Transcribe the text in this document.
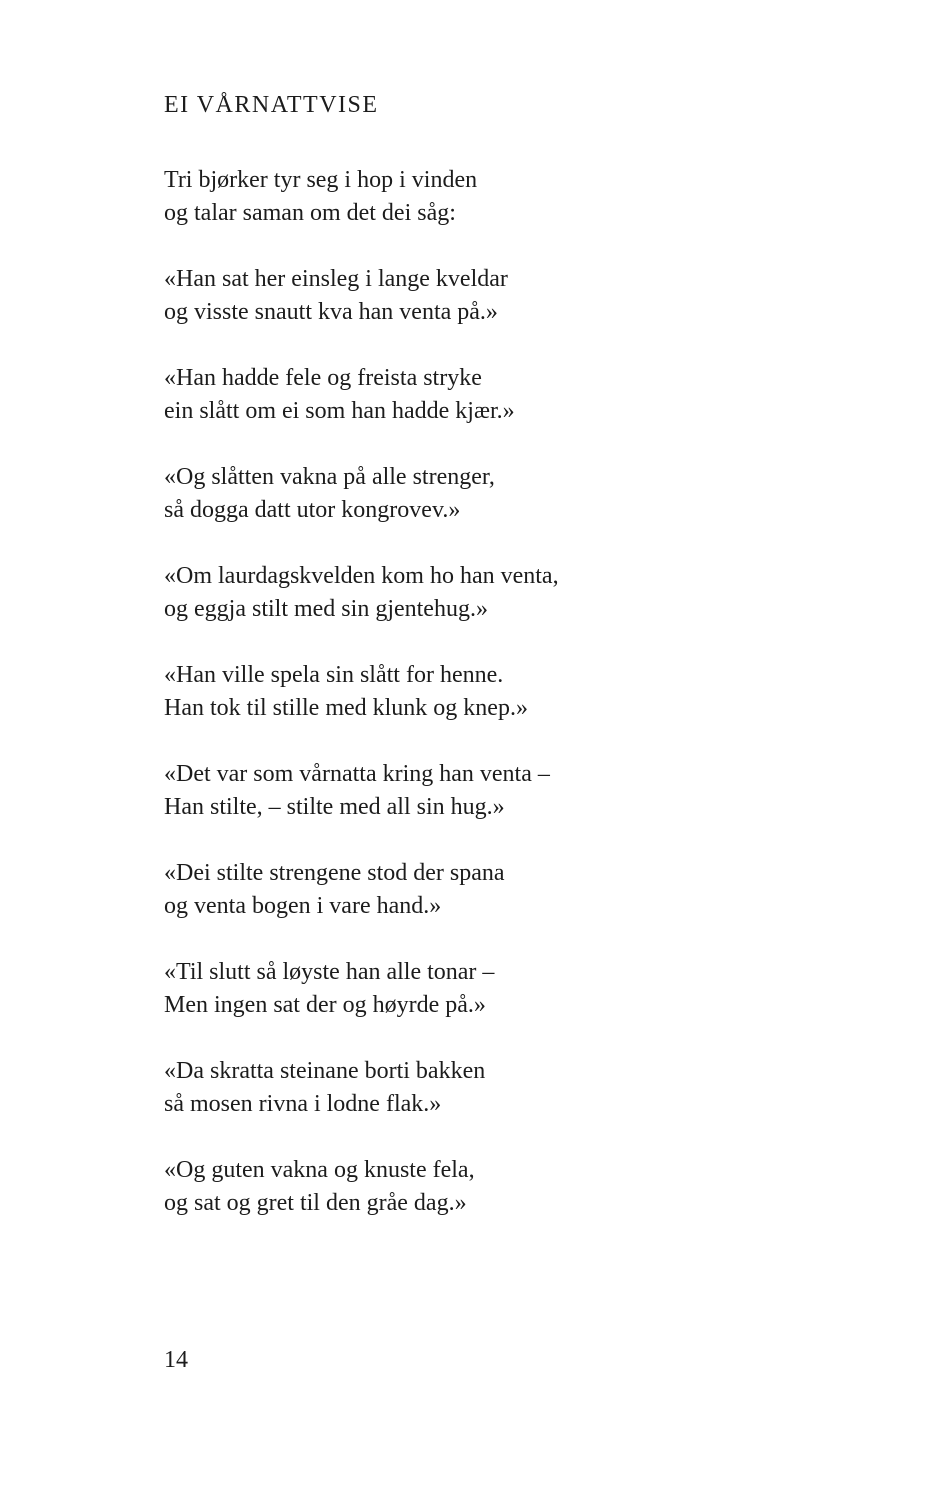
EI VÅRNATTVISE
Tri bjørker tyr seg i hop i vinden
og talar saman om det dei såg:
«Han sat her einsleg i lange kveldar
og visste snautt kva han venta på.»
«Han hadde fele og freista stryke
ein slått om ei som han hadde kjær.»
«Og slåtten vakna på alle strenger,
så dogga datt utor kongrovev.»
«Om laurdagskvelden kom ho han venta,
og eggja stilt med sin gjentehug.»
«Han ville spela sin slått for henne.
Han tok til stille med klunk og knep.»
«Det var som vårnatta kring han venta –
Han stilte, – stilte med all sin hug.»
«Dei stilte strengene stod der spana
og venta bogen i vare hand.»
«Til slutt så løyste han alle tonar –
Men ingen sat der og høyrde på.»
«Da skratta steinane borti bakken
så mosen rivna i lodne flak.»
«Og guten vakna og knuste fela,
og sat og gret til den gråe dag.»
14
